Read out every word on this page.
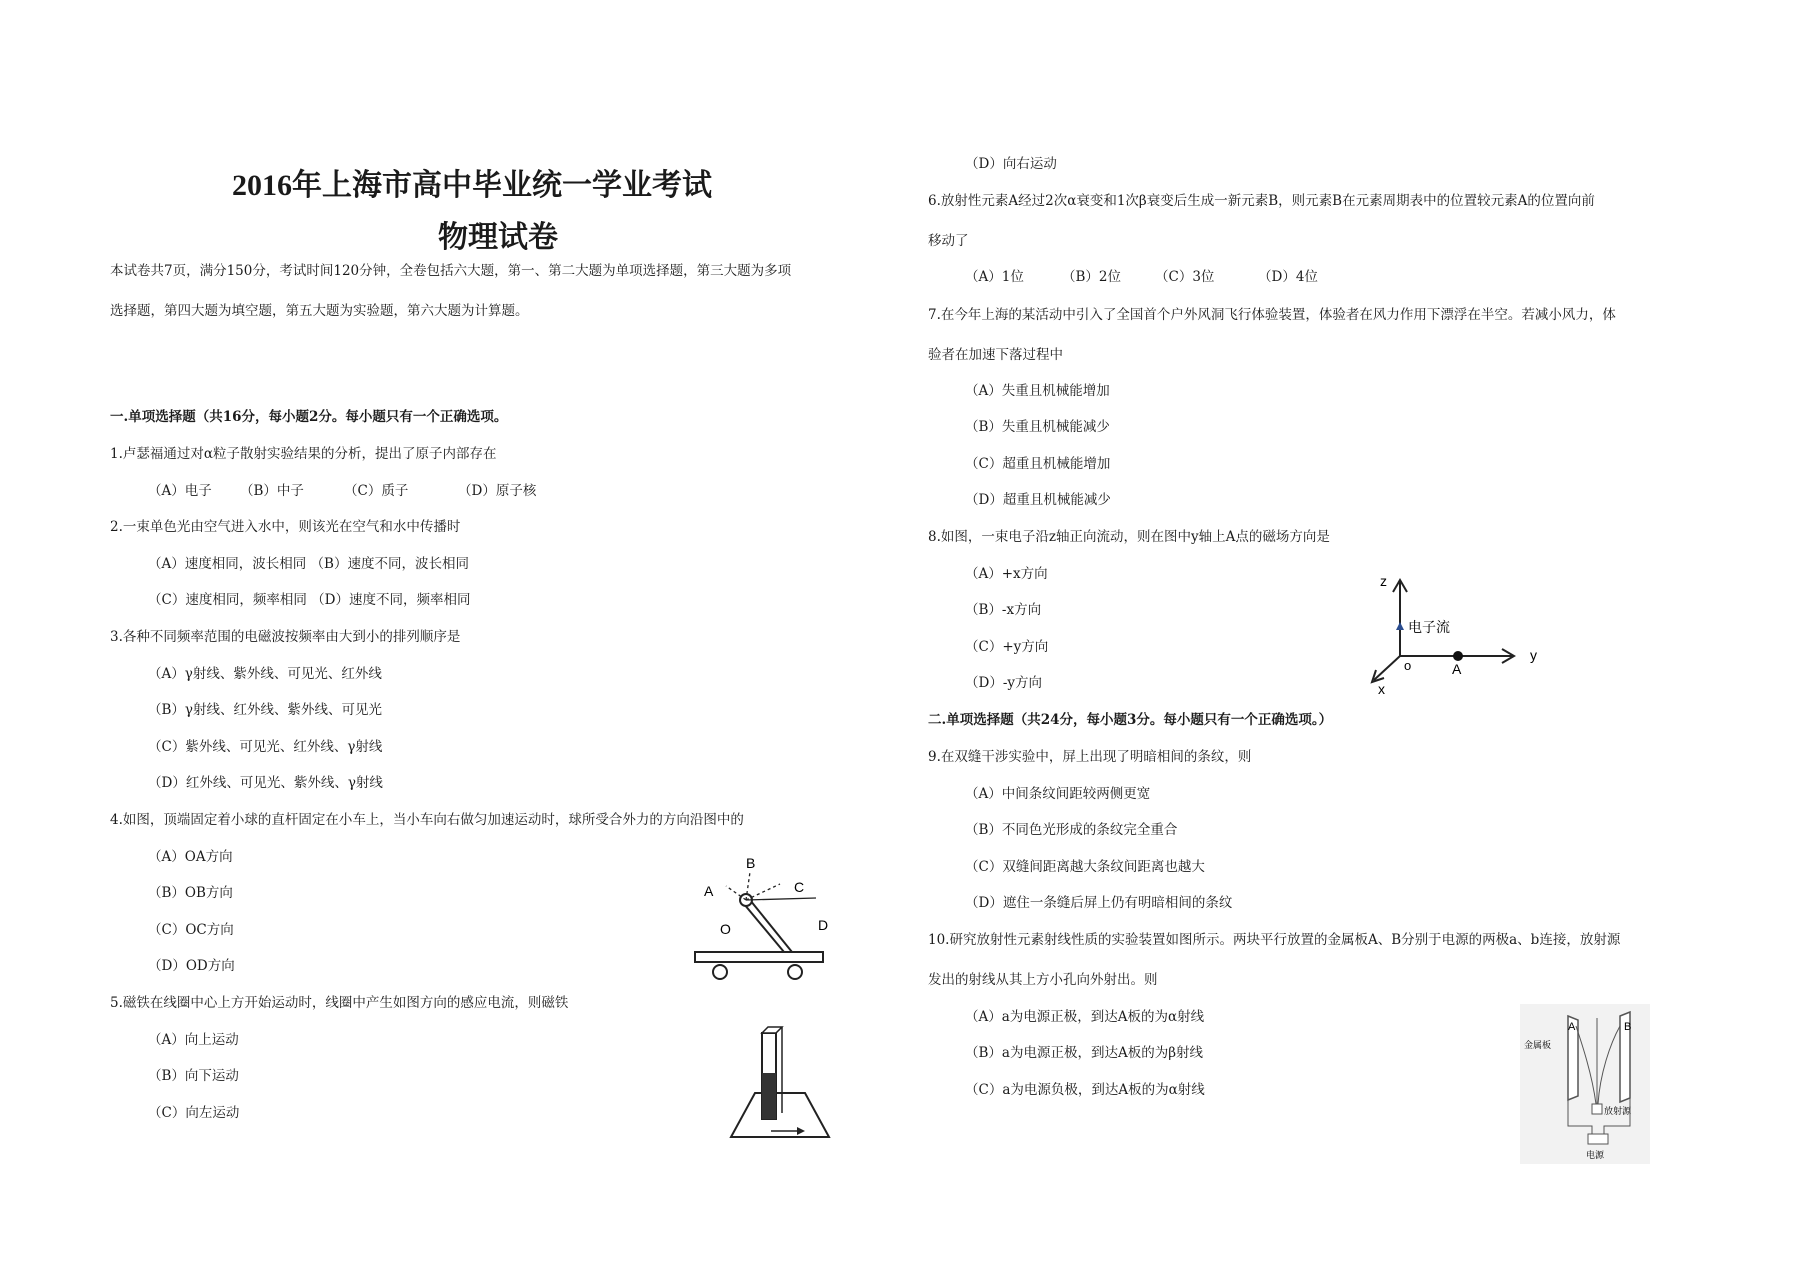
2016年上海市高中毕业统一学业考试
物理试卷
本试卷共7页，满分150分，考试时间120分钟，全卷包括六大题，第一、第二大题为单项选择题，第三大题为多项
选择题，第四大题为填空题，第五大题为实验题，第六大题为计算题。
一.单项选择题（共16分，每小题2分。每小题只有一个正确选项。
1.卢瑟福通过对α粒子散射实验结果的分析，提出了原子内部存在
（A）电子 （B）中子	（C）质子	（D）原子核
2.一束单色光由空气进入水中，则该光在空气和水中传播时
（A）速度相同，波长相同 （B）速度不同，波长相同
（C）速度相同，频率相同 （D）速度不同，频率相同
3.各种不同频率范围的电磁波按频率由大到小的排列顺序是
（A）γ射线、紫外线、可见光、红外线
（B）γ射线、红外线、紫外线、可见光
（C）紫外线、可见光、红外线、γ射线
（D）红外线、可见光、紫外线、γ射线
4.如图，顶端固定着小球的直杆固定在小车上，当小车向右做匀加速运动时，球所受合外力的方向沿图中的
（A）OA方向
（B）OB方向
（C）OC方向
（D）OD方向
A
B
C
D
O
5.磁铁在线圈中心上方开始运动时，线圈中产生如图方向的感应电流，则磁铁
（A）向上运动
（B）向下运动
（C）向左运动
（D）向右运动
6.放射性元素A经过2次α衰变和1次β衰变后生成一新元素B，则元素B在元素周期表中的位置较元素A的位置向前
移动了
（A）1位	（B）2位	（C）3位	（D）4位
7.在今年上海的某活动中引入了全国首个户外风洞飞行体验装置，体验者在风力作用下漂浮在半空。若减小风力，体
验者在加速下落过程中
（A）失重且机械能增加
（B）失重且机械能减少
（C）超重且机械能增加
（D）超重且机械能减少
8.如图，一束电子沿z轴正向流动，则在图中y轴上A点的磁场方向是
（A）+x方向
（B）-x方向
（C）+y方向
（D）-y方向
z
y
x
o	A
电子流
二.单项选择题（共24分，每小题3分。每小题只有一个正确选项。）
9.在双缝干涉实验中，屏上出现了明暗相间的条纹，则
（A）中间条纹间距较两侧更宽
（B）不同色光形成的条纹完全重合
（C）双缝间距离越大条纹间距离也越大
（D）遮住一条缝后屏上仍有明暗相间的条纹
10.研究放射性元素射线性质的实验装置如图所示。两块平行放置的金属板A、B分别于电源的两极a、b连接，放射源
发出的射线从其上方小孔向外射出。则
（A）a为电源正极，到达A板的为α射线
（B）a为电源正极，到达A板的为β射线
（C）a为电源负极，到达A板的为α射线
A	B
金属板
放射源
电源
